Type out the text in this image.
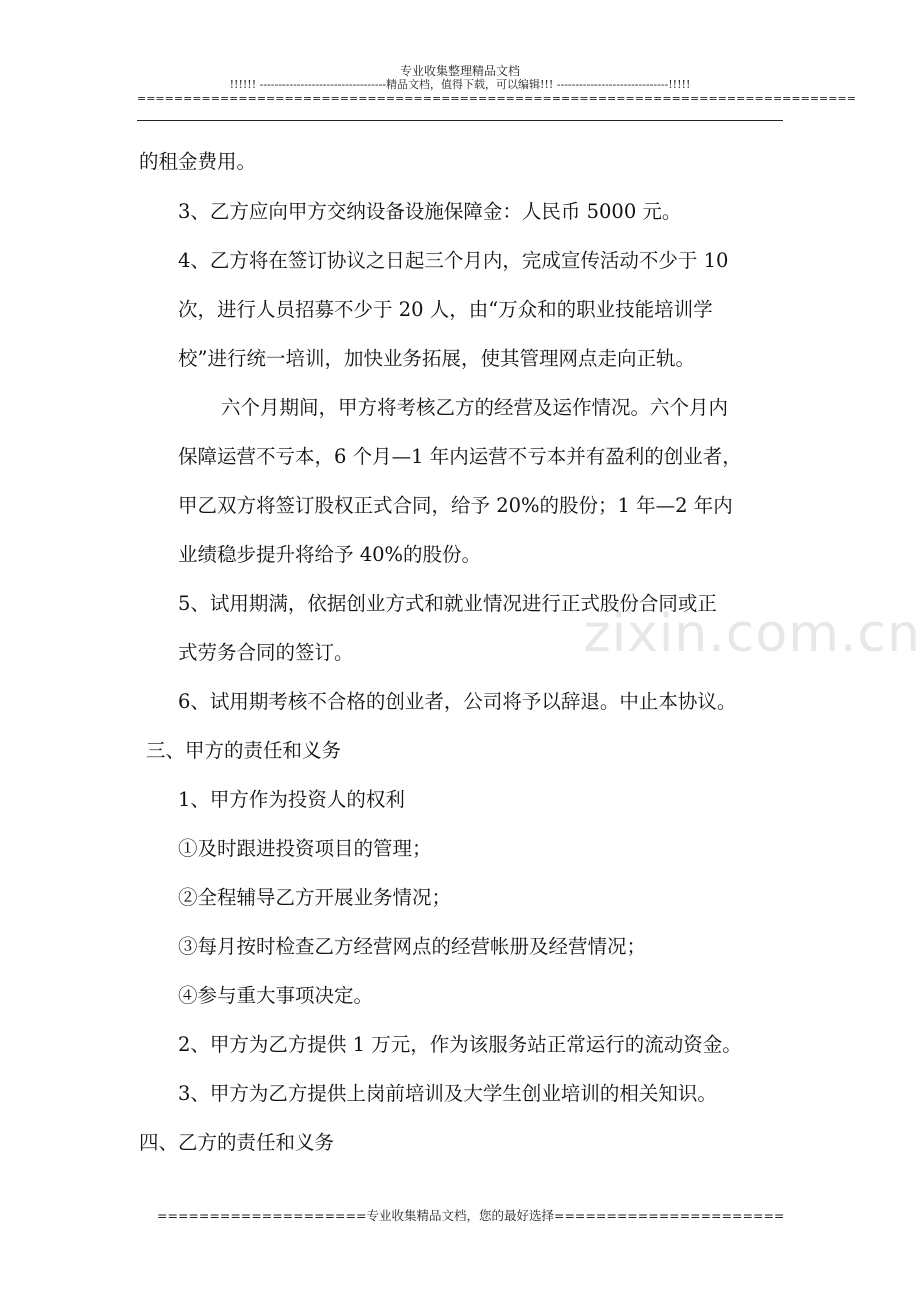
专业收集整理精品文档
!!!!!! ----------------------------------精品文档，值得下载，可以编辑!!! ------------------------------!!!!!
==============================================================================
zixin.com.cn
的租金费用。
3、乙方应向甲方交纳设备设施保障金：人民币 5000 元。
4、乙方将在签订协议之日起三个月内，完成宣传活动不少于 10
次，进行人员招募不少于 20 人，由“万众和的职业技能培训学
校”进行统一培训，加快业务拓展，使其管理网点走向正轨。
六个月期间，甲方将考核乙方的经营及运作情况。六个月内
保障运营不亏本，6 个月—1 年内运营不亏本并有盈利的创业者，
甲乙双方将签订股权正式合同，给予 20%的股份；1 年—2 年内
业绩稳步提升将给予 40%的股份。
5、试用期满，依据创业方式和就业情况进行正式股份合同或正
式劳务合同的签订。
6、试用期考核不合格的创业者，公司将予以辞退。中止本协议。
三、甲方的责任和义务
1、甲方作为投资人的权利
①及时跟进投资项目的管理；
②全程辅导乙方开展业务情况；
③每月按时检查乙方经营网点的经营帐册及经营情况；
④参与重大事项决定。
2、甲方为乙方提供 1 万元，作为该服务站正常运行的流动资金。
3、甲方为乙方提供上岗前培训及大学生创业培训的相关知识。
四、乙方的责任和义务
====================专业收集精品文档，您的最好选择======================
